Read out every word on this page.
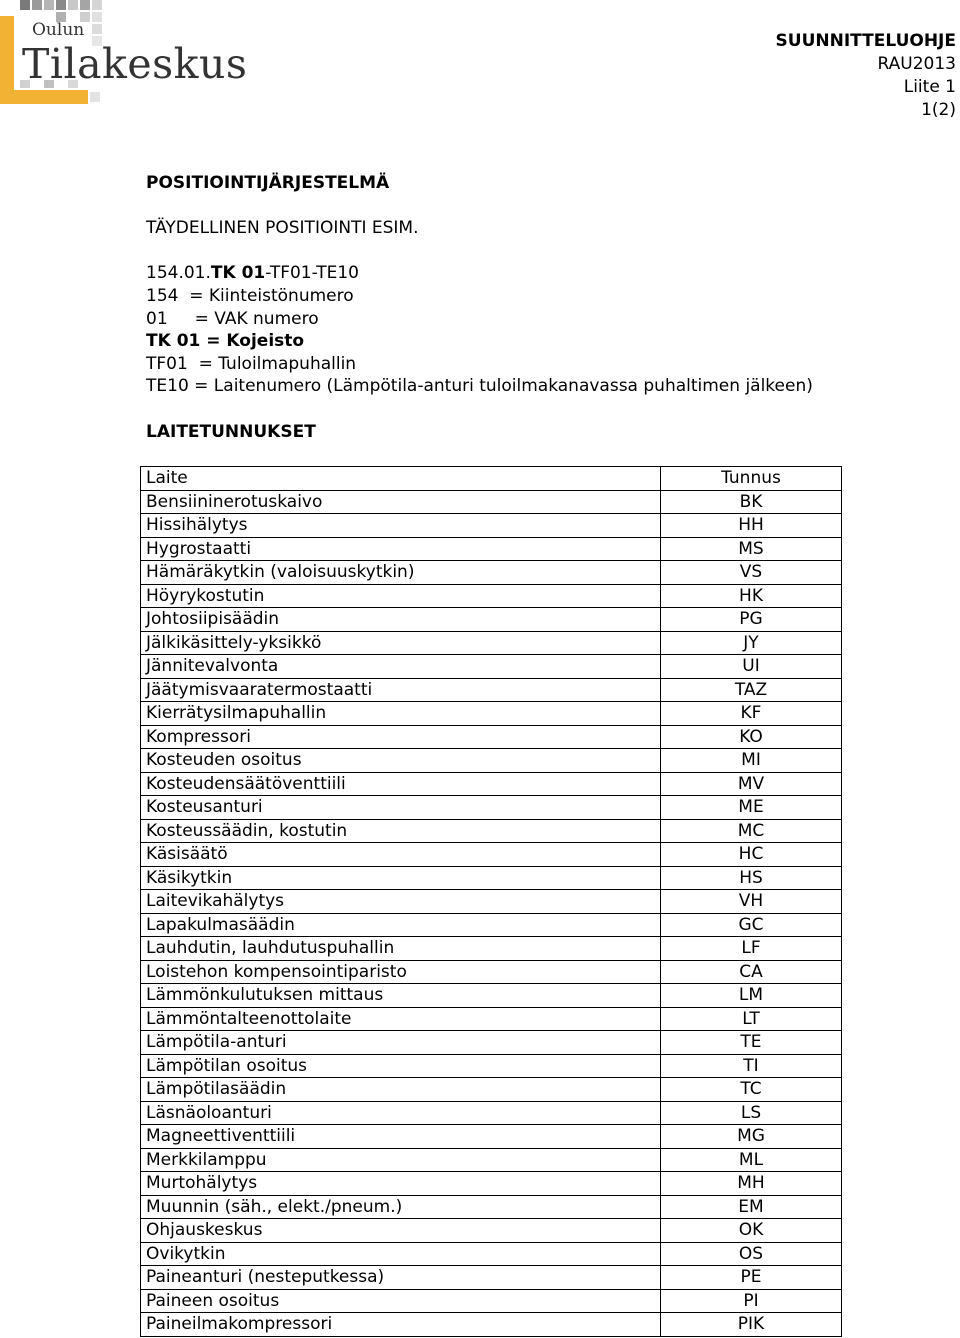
Oulun
Tilakeskus	SUUNNITTELUOHJE
RAU2013
Liite 1
1(2)
POSITIOINTIJÄRJESTELMÄ
TÄYDELLINEN POSITIOINTI ESIM.
154.01.TK 01-TF01-TE10
154  = Kiinteistönumero
01     = VAK numero
TK 01 = Kojeisto
TF01  = Tuloilmapuhallin
TE10 = Laitenumero (Lämpötila-anturi tuloilmakanavassa puhaltimen jälkeen)
LAITETUNNUKSET
Laite	Tunnus
Bensiininerotuskaivo	BK
Hissihälytys	HH
Hygrostaatti	MS
Hämäräkytkin (valoisuuskytkin)	VS
Höyrykostutin	HK
Johtosiipisäädin	PG
Jälkikäsittely-yksikkö	JY
Jännitevalvonta	UI
Jäätymisvaaratermostaatti	TAZ
Kierrätysilmapuhallin	KF
Kompressori	KO
Kosteuden osoitus	MI
Kosteudensäätöventtiili	MV
Kosteusanturi	ME
Kosteussäädin, kostutin	MC
Käsisäätö	HC
Käsikytkin	HS
Laitevikahälytys	VH
Lapakulmasäädin	GC
Lauhdutin, lauhdutuspuhallin	LF
Loistehon kompensointiparisto	CA
Lämmönkulutuksen mittaus	LM
Lämmöntalteenottolaite	LT
Lämpötila-anturi	TE
Lämpötilan osoitus	TI
Lämpötilasäädin	TC
Läsnäoloanturi	LS
Magneettiventtiili	MG
Merkkilamppu	ML
Murtohälytys	MH
Muunnin (säh., elekt./pneum.)	EM
Ohjauskeskus	OK
Ovikytkin	OS
Paineanturi (nesteputkessa)	PE
Paineen osoitus	PI
Paineilmakompressori	PIK
